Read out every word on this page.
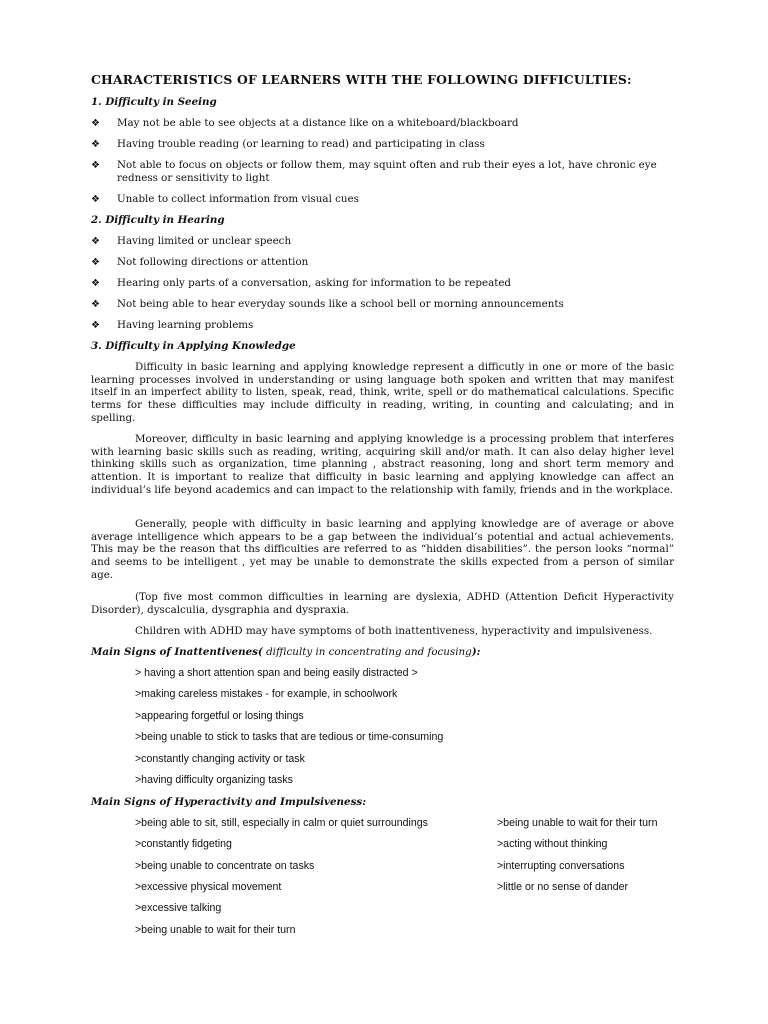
CHARACTERISTICS OF LEARNERS WITH THE FOLLOWING DIFFICULTIES:
1. Difficulty in Seeing
❖	May not be able to see objects at a distance like on a whiteboard/blackboard
❖	Having trouble reading (or learning to read) and participating in class
❖	Not able to focus on objects or follow them, may squint often and rub their eyes a lot, have chronic eye redness or sensitivity to light
❖	Unable to collect information from visual cues
2. Difficulty in Hearing
❖	Having limited or unclear speech
❖	Not following directions or attention
❖	Hearing only parts of a conversation, asking for information to be repeated
❖	Not being able to hear everyday sounds like a school bell or morning announcements
❖	Having learning problems
3. Difficulty in Applying Knowledge
Difficulty in basic learning and applying knowledge represent a difficutly in one or more of the basic learning processes involved in understanding or using language both spoken and written that may manifest itself in an imperfect ability to listen, speak, read, think, write, spell or do mathematical calculations. Specific terms for these difficulties may include difficulty in reading, writing, in counting and calculating; and in spelling.
Moreover, difficulty in basic learning and applying knowledge is a processing problem that interferes with learning basic skills such as reading, writing, acquiring skill and/or math. It can also delay higher level thinking skills such as organization, time planning , abstract reasoning, long and short term memory and attention. It is important to realize that difficulty in basic learning and applying knowledge can affect an individual’s life beyond academics and can impact to the relationship with family, friends and in the workplace.
Generally, people with difficulty in basic learning and applying knowledge are of average or above average intelligence which appears to be a gap between the individual’s potential and actual achievements. This may be the reason that ths difficulties are referred to as “hidden disabilities”. the person looks “normal” and seems to be intelligent , yet may be unable to demonstrate the skills expected from a person of similar age.
(Top five most common difficulties in learning are dyslexia, ADHD (Attention Deficit Hyperactivity Disorder), dyscalculia, dysgraphia and dyspraxia.
Children with ADHD may have symptoms of both inattentiveness, hyperactivity and impulsiveness.
Main Signs of Inattentivenes( difficulty in concentrating and focusing):
> having a short attention span and being easily distracted >
>making careless mistakes - for example, in schoolwork
>appearing forgetful or losing things
>being unable to stick to tasks that are tedious or time-consuming
>constantly changing activity or task
>having difficulty organizing tasks
Main Signs of Hyperactivity and Impulsiveness:
>being able to sit, still, especially in calm or quiet surroundings
>constantly fidgeting
>being unable to concentrate on tasks
>excessive physical movement
>excessive talking
>being unable to wait for their turn
>being unable to wait for their turn
>acting without thinking
>interrupting conversations
>little or no sense of dander
